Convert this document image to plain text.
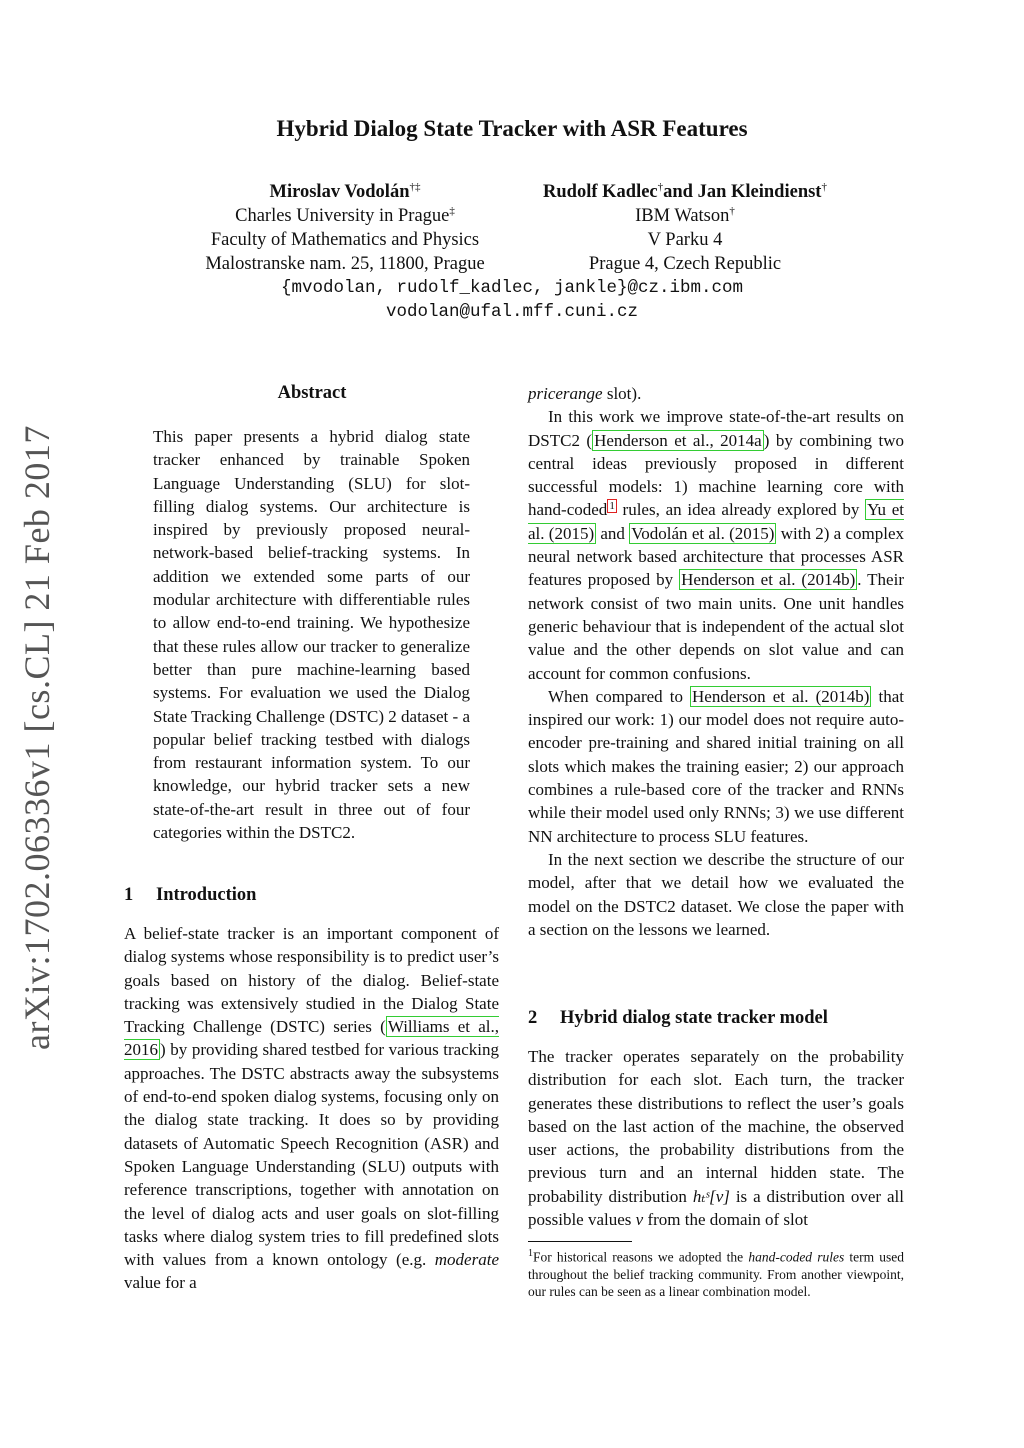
arXiv:1702.06336v1 [cs.CL] 21 Feb 2017
Hybrid Dialog State Tracker with ASR Features
Miroslav Vodolán†‡
Charles University in Prague‡
Faculty of Mathematics and Physics
Malostranske nam. 25, 11800, Prague
Rudolf Kadlec†and Jan Kleindienst†
IBM Watson†
V Parku 4
Prague 4, Czech Republic
{mvodolan, rudolf_kadlec, jankle}@cz.ibm.com
vodolan@ufal.mff.cuni.cz
Abstract
This paper presents a hybrid dialog state tracker enhanced by trainable Spoken Language Understanding (SLU) for slot-filling dialog systems. Our architecture is inspired by previously proposed neural-network-based belief-tracking systems. In addition we extended some parts of our modular architecture with differentiable rules to allow end-to-end training. We hypothesize that these rules allow our tracker to generalize better than pure machine-learning based systems. For evaluation we used the Dialog State Tracking Challenge (DSTC) 2 dataset - a popular belief tracking testbed with dialogs from restaurant information system. To our knowledge, our hybrid tracker sets a new state-of-the-art result in three out of four categories within the DSTC2.
1 Introduction

A belief-state tracker is an important component of dialog systems whose responsibility is to predict user’s goals based on history of the dialog. Belief-state tracking was extensively studied in the Dialog State Tracking Challenge (DSTC) series ( Williams et al., 2016 ) by providing shared testbed for various tracking approaches. The DSTC abstracts away the subsystems of end-to-end spoken dialog systems, focusing only on the dialog state tracking. It does so by providing datasets of Automatic Speech Recognition (ASR) and Spoken Language Understanding (SLU) outputs with reference transcriptions, together with annotation on the level of dialog acts and user goals on slot-filling tasks where dialog system tries to fill predefined slots with values from a known ontology (e.g. moderate value for a

pricerange slot).

In this work we improve state-of-the-art results on DSTC2 ( Henderson et al., 2014a ) by combining two central ideas previously proposed in different successful models: 1) machine learning core with hand-coded $^1$ rules, an idea already explored by Yu et al. (2015) and Vodolán et al. (2015) with 2) a complex neural network based architecture that processes ASR features proposed by Henderson et al. (2014b) . Their network consist of two main units. One unit handles generic behaviour that is independent of the actual slot value and the other depends on slot value and can account for common confusions.

When compared to Henderson et al. (2014b) that inspired our work: 1) our model does not require auto-encoder pre-training and shared initial training on all slots which makes the training easier; 2) our approach combines a rule-based core of the tracker and RNNs while their model used only RNNs; 3) we use different NN architecture to process SLU features.

In the next section we describe the structure of our model, after that we detail how we evaluated the model on the DSTC2 dataset. We close the paper with a section on the lessons we learned.

2 Hybrid dialog state tracker model

The tracker operates separately on the probability distribution for each slot. Each turn, the tracker generates these distributions to reflect the user’s goals based on the last action of the machine, the observed user actions, the probability distributions from the previous turn and an internal hidden state. The probability distribution hₜˢ[v] is a distribution over all possible values v from the domain of slot

$^1$For historical reasons we adopted the hand-coded rules term used throughout the belief tracking community. From another viewpoint, our rules can be seen as a linear combination model.
